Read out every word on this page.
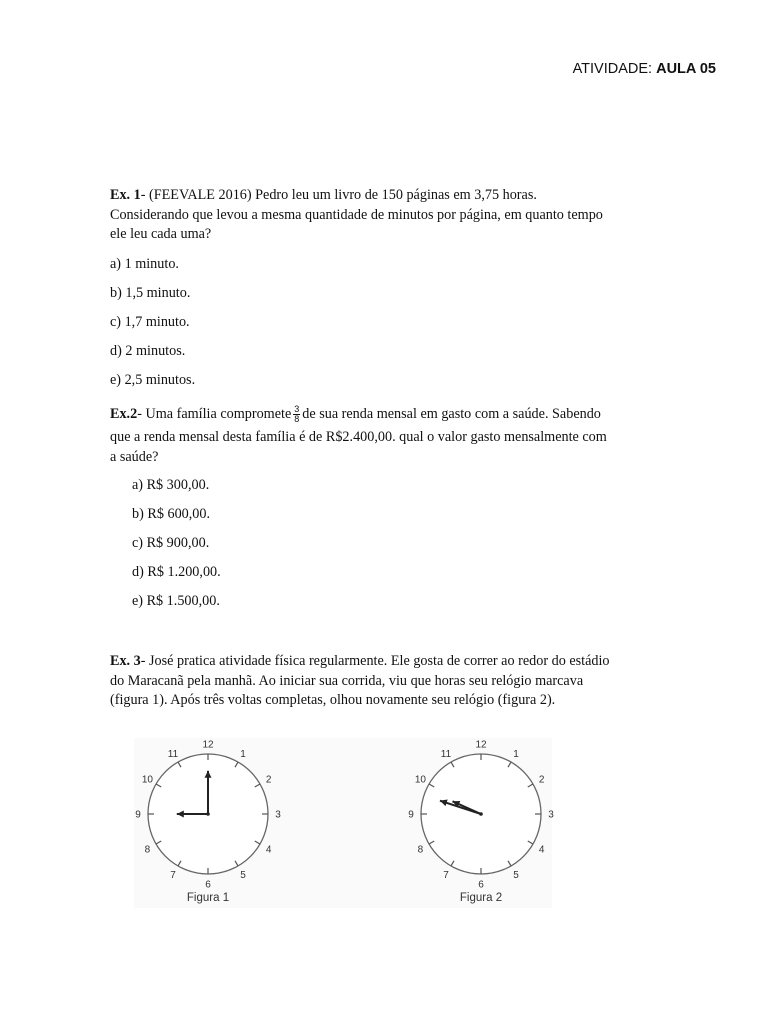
ATIVIDADE: AULA 05

Ex. 1- (FEEVALE 2016) Pedro leu um livro de 150 páginas em 3,75 horas.

Considerando que levou a mesma quantidade de minutos por página, em quanto tempo

ele leu cada uma?

a) 1 minuto.
b) 1,5 minuto.
c) 1,7 minuto.
d) 2 minutos.
e) 2,5 minutos.

Ex.2- Uma família compromete $\frac{3}{8}$ de sua renda mensal em gasto com a saúde. Sabendo

que a renda mensal desta família é de R$2.400,00. qual o valor gasto mensalmente com

a saúde?

a) R$ 300,00.
b) R$ 600,00.
c) R$ 900,00.
d) R$ 1.200,00.
e) R$ 1.500,00.

Ex. 3- José pratica atividade física regularmente. Ele gosta de correr ao redor do estádio

do Maracanã pela manhã. Ao iniciar sua corrida, viu que horas seu relógio marcava

(figura 1). Após três voltas completas, olhou novamente seu relógio (figura 2).

12
1
2
3
4
5
6
7
8
9
10
11
Figura 1
12
1
2
3
4
5
6
7
8
9
10
11
Figura 2
